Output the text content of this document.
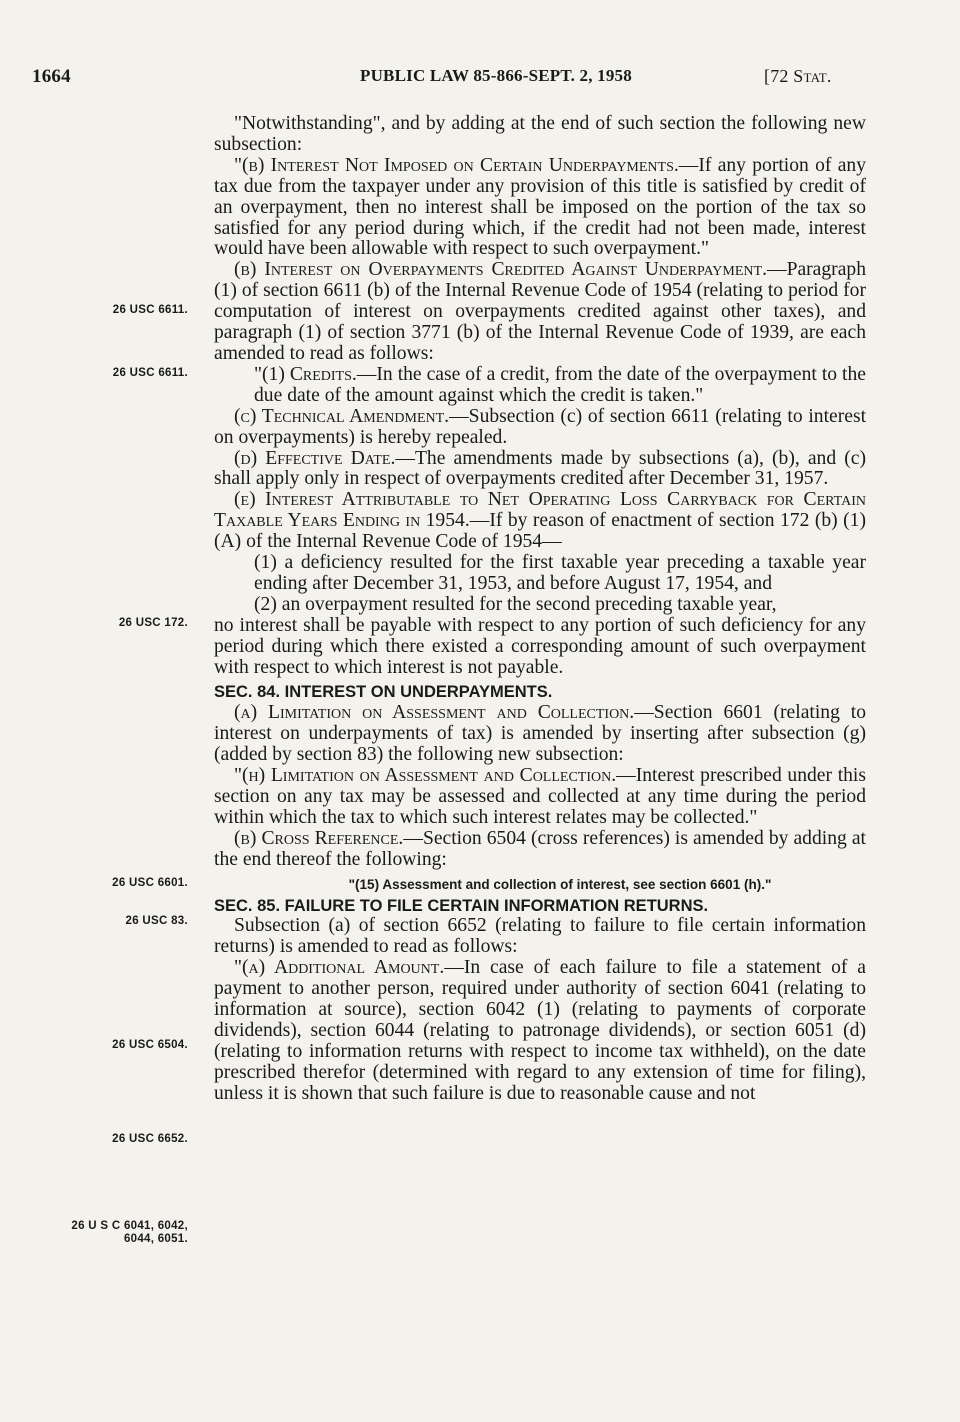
1664	PUBLIC LAW 85-866-SEPT. 2, 1958	[72 Stat.
26 USC 6611.
26 USC 6611.
26 USC 172.
26 USC 6601.
26 USC 83.
26 USC 6504.
26 USC 6652.
26 U S C 6041, 6042, 6044, 6051.

"Notwithstanding", and by adding at the end of such section the following new subsection:

"(b) Interest Not Imposed on Certain Underpayments.—If any portion of any tax due from the taxpayer under any provision of this title is satisfied by credit of an overpayment, then no interest shall be imposed on the portion of the tax so satisfied for any period during which, if the credit had not been made, interest would have been allowable with respect to such overpayment."

(b) Interest on Overpayments Credited Against Underpayment.—Paragraph (1) of section 6611 (b) of the Internal Revenue Code of 1954 (relating to period for computation of interest on overpayments credited against other taxes), and paragraph (1) of section 3771 (b) of the Internal Revenue Code of 1939, are each amended to read as follows:

"(1) Credits.—In the case of a credit, from the date of the overpayment to the due date of the amount against which the credit is taken."

(c) Technical Amendment.—Subsection (c) of section 6611 (relating to interest on overpayments) is hereby repealed.

(d) Effective Date.—The amendments made by subsections (a), (b), and (c) shall apply only in respect of overpayments credited after December 31, 1957.

(e) Interest Attributable to Net Operating Loss Carryback for Certain Taxable Years Ending in 1954.—If by reason of enactment of section 172 (b) (1) (A) of the Internal Revenue Code of 1954—

(1) a deficiency resulted for the first taxable year preceding a taxable year ending after December 31, 1953, and before August 17, 1954, and

(2) an overpayment resulted for the second preceding taxable year,

no interest shall be payable with respect to any portion of such deficiency for any period during which there existed a corresponding amount of such overpayment with respect to which interest is not payable.

SEC. 84. INTEREST ON UNDERPAYMENTS.

(a) Limitation on Assessment and Collection.—Section 6601 (relating to interest on underpayments of tax) is amended by inserting after subsection (g) (added by section 83) the following new subsection:

"(h) Limitation on Assessment and Collection.—Interest prescribed under this section on any tax may be assessed and collected at any time during the period within which the tax to which such interest relates may be collected."

(b) Cross Reference.—Section 6504 (cross references) is amended by adding at the end thereof the following:

"(15) Assessment and collection of interest, see section 6601 (h)."

SEC. 85. FAILURE TO FILE CERTAIN INFORMATION RETURNS.

Subsection (a) of section 6652 (relating to failure to file certain information returns) is amended to read as follows:

"(a) Additional Amount.—In case of each failure to file a statement of a payment to another person, required under authority of section 6041 (relating to information at source), section 6042 (1) (relating to payments of corporate dividends), section 6044 (relating to patronage dividends), or section 6051 (d) (relating to information returns with respect to income tax withheld), on the date prescribed therefor (determined with regard to any extension of time for filing), unless it is shown that such failure is due to reasonable cause and not
